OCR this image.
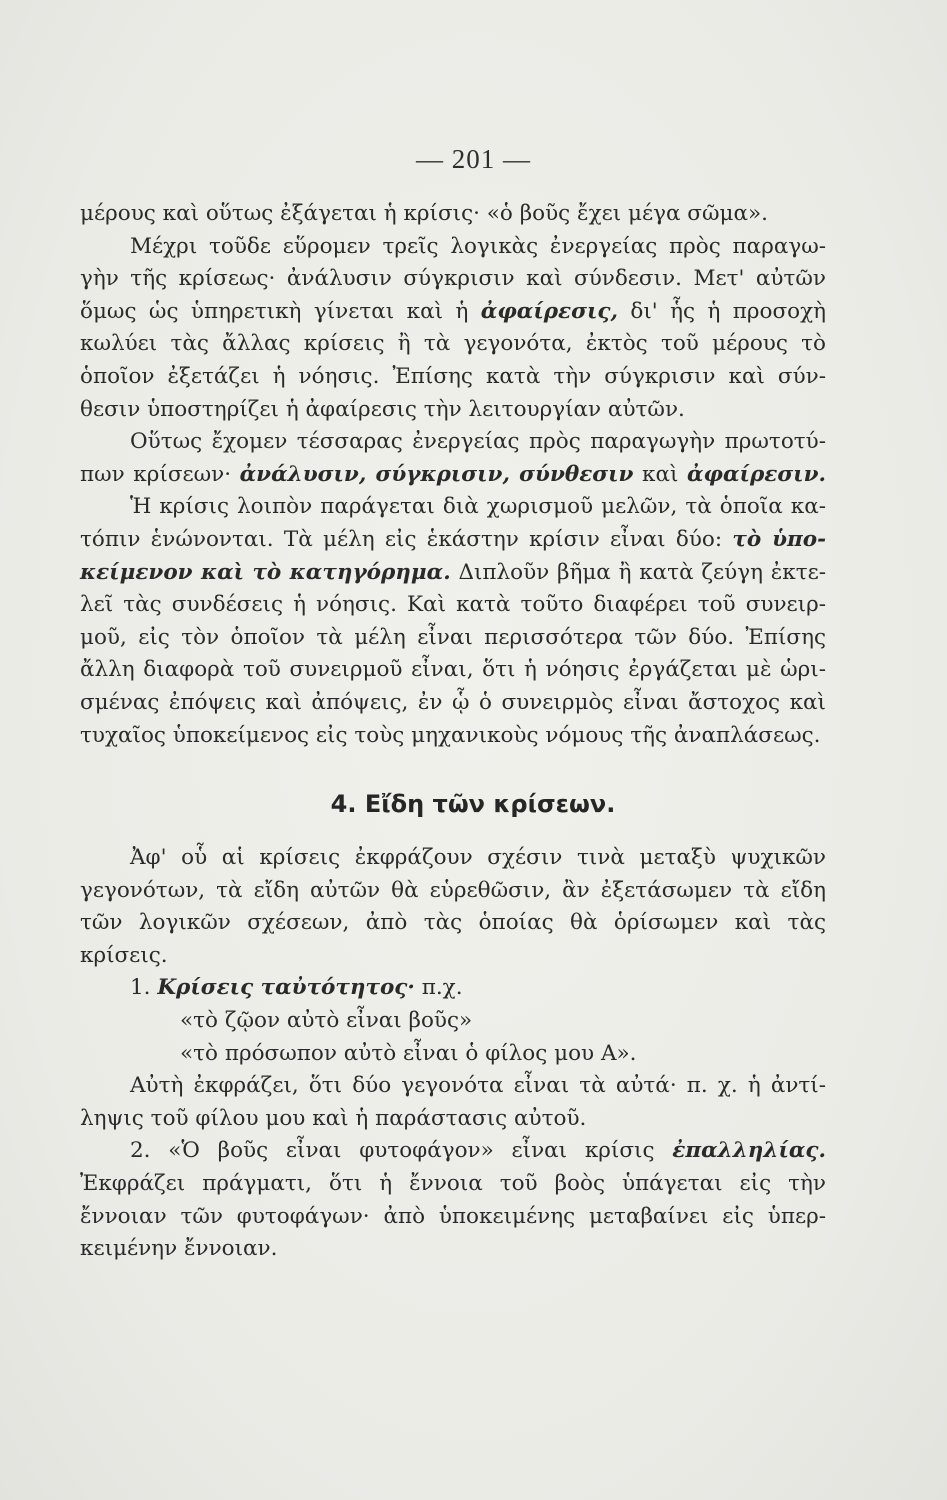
— 201 —
μέρους καὶ οὕτως ἐξάγεται ἡ κρίσις· «ὁ βοῦς ἔχει μέγα σῶμα».
Μέχρι τοῦδε εὕρομεν τρεῖς λογικὰς ἐνεργείας πρὸς παραγω-
γὴν τῆς κρίσεως· ἀνάλυσιν σύγκρισιν καὶ σύνδεσιν. Μετ' αὐτῶν
ὅμως ὡς ὑπηρετικὴ γίνεται καὶ ἡ ἀφαίρεσις, δι' ἧς ἡ προσοχὴ
κωλύει τὰς ἄλλας κρίσεις ἢ τὰ γεγονότα, ἐκτὸς τοῦ μέρους τὸ
ὁποῖον ἐξετάζει ἡ νόησις. Ἐπίσης κατὰ τὴν σύγκρισιν καὶ σύν-
θεσιν ὑποστηρίζει ἡ ἀφαίρεσις τὴν λειτουργίαν αὐτῶν.
Οὕτως ἔχομεν τέσσαρας ἐνεργείας πρὸς παραγωγὴν πρωτοτύ-
πων κρίσεων· ἀνάλυσιν, σύγκρισιν, σύνθεσιν καὶ ἀφαίρεσιν.
Ἡ κρίσις λοιπὸν παράγεται διὰ χωρισμοῦ μελῶν, τὰ ὁποῖα κα-
τόπιν ἑνώνονται. Τὰ μέλη εἰς ἑκάστην κρίσιν εἶναι δύο: τὸ ὑπο-
κείμενον καὶ τὸ κατηγόρημα. Διπλοῦν βῆμα ἢ κατὰ ζεύγη ἐκτε-
λεῖ τὰς συνδέσεις ἡ νόησις. Καὶ κατὰ τοῦτο διαφέρει τοῦ συνειρ-
μοῦ, εἰς τὸν ὁποῖον τὰ μέλη εἶναι περισσότερα τῶν δύο. Ἐπίσης
ἄλλη διαφορὰ τοῦ συνειρμοῦ εἶναι, ὅτι ἡ νόησις ἐργάζεται μὲ ὡρι-
σμένας ἐπόψεις καὶ ἀπόψεις, ἐν ᾧ ὁ συνειρμὸς εἶναι ἄστοχος καὶ
τυχαῖος ὑποκείμενος εἰς τοὺς μηχανικοὺς νόμους τῆς ἀναπλάσεως.
4. Εἴδη τῶν κρίσεων.
Ἀφ' οὗ αἱ κρίσεις ἐκφράζουν σχέσιν τινὰ μεταξὺ ψυχικῶν
γεγονότων, τὰ εἴδη αὐτῶν θὰ εὑρεθῶσιν, ἂν ἐξετάσωμεν τὰ εἴδη
τῶν λογικῶν σχέσεων, ἀπὸ τὰς ὁποίας θὰ ὁρίσωμεν καὶ τὰς
κρίσεις.
1. Κρίσεις ταὐτότητος· π.χ.
«τὸ ζῷον αὐτὸ εἶναι βοῦς»
«τὸ πρόσωπον αὐτὸ εἶναι ὁ φίλος μου Α».
Αὐτὴ ἐκφράζει, ὅτι δύο γεγονότα εἶναι τὰ αὐτά· π. χ. ἡ ἀντί-
ληψις τοῦ φίλου μου καὶ ἡ παράστασις αὐτοῦ.
2. «Ὁ βοῦς εἶναι φυτοφάγον» εἶναι κρίσις ἐπαλληλίας.
Ἐκφράζει πράγματι, ὅτι ἡ ἔννοια τοῦ βοὸς ὑπάγεται εἰς τὴν
ἔννοιαν τῶν φυτοφάγων· ἀπὸ ὑποκειμένης μεταβαίνει εἰς ὑπερ-
κειμένην ἔννοιαν.
